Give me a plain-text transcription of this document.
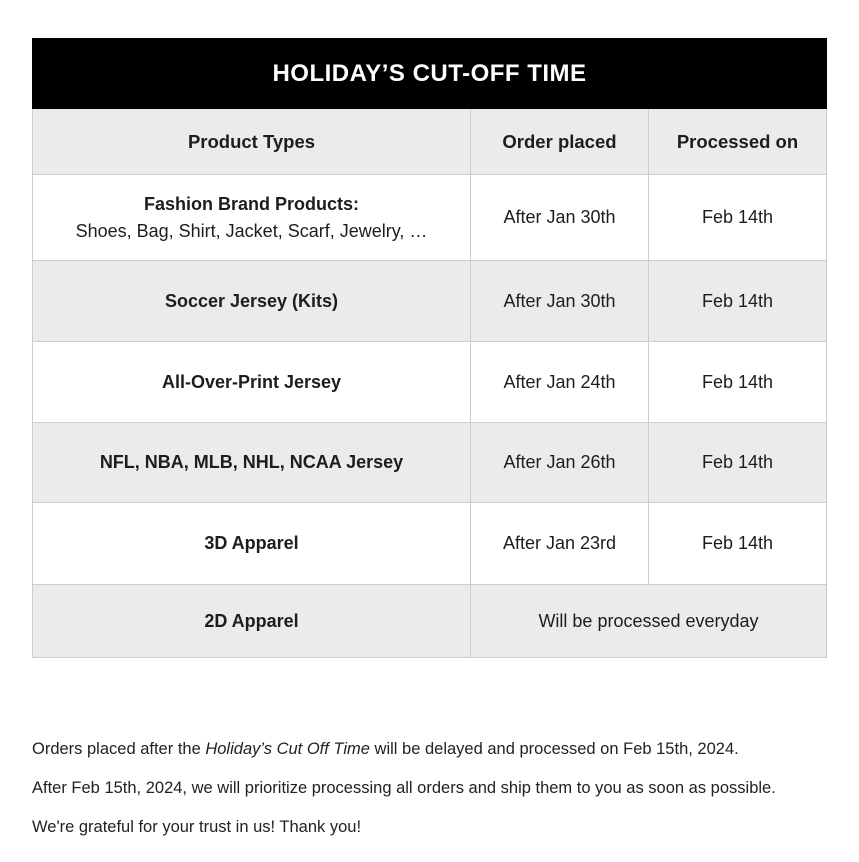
HOLIDAY’S CUT-OFF TIME
Product Types	Order placed	Processed on
Fashion Brand Products:
Shoes, Bag, Shirt, Jacket, Scarf, Jewelry, …
After Jan 30th	Feb 14th
Soccer Jersey (Kits)	After Jan 30th	Feb 14th
All-Over-Print Jersey	After Jan 24th	Feb 14th
NFL, NBA, MLB, NHL, NCAA Jersey	After Jan 26th	Feb 14th
3D Apparel	After Jan 23rd	Feb 14th
2D Apparel	Will be processed everyday

Orders placed after the Holiday’s Cut Off Time will be delayed and processed on Feb 15th, 2024.

After Feb 15th, 2024, we will prioritize processing all orders and ship them to you as soon as possible.

We're grateful for your trust in us! Thank you!
